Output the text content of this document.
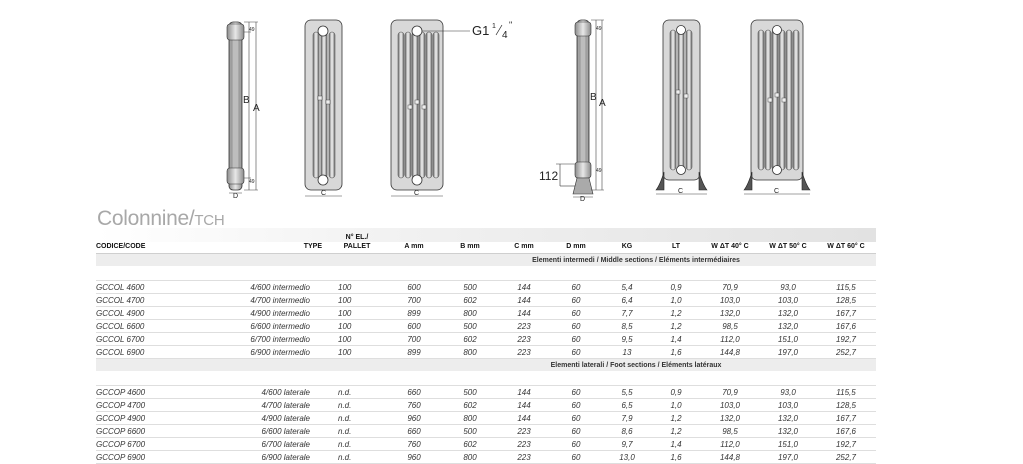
B
A
49
49
D	C	C
G1 1
4
"
B
A
49
49
D
112
C	C
Colonnine/TCH
CODICE/CODE	TYPE	N° EL./
PALLET	A mm	B mm	C mm	D mm	KG	LT	W ΔT 40° C	W ΔT 50° C	W ΔT 60° C
Elementi intermedi / Middle sections / Eléments intermédiaires											

GCCOL 4600	4/600 intermedio	100	600	500	144	60	5,4	0,9	70,9	93,0	115,5
GCCOL 4700	4/700 intermedio	100	700	602	144	60	6,4	1,0	103,0	103,0	128,5
GCCOL 4900	4/900 intermedio	100	899	800	144	60	7,7	1,2	132,0	132,0	167,7
GCCOL 6600	6/600 intermedio	100	600	500	223	60	8,5	1,2	98,5	132,0	167,6
GCCOL 6700	6/700 intermedio	100	700	602	223	60	9,5	1,4	112,0	151,0	192,7
GCCOL 6900	6/900 intermedio	100	899	800	223	60	13	1,6	144,8	197,0	252,7
Elementi laterali / Foot sections / Eléments latéraux											

GCCOP 4600	4/600 laterale	n.d.	660	500	144	60	5,5	0,9	70,9	93,0	115,5
GCCOP 4700	4/700 laterale	n.d.	760	602	144	60	6,5	1,0	103,0	103,0	128,5
GCCOP 4900	4/900 laterale	n.d.	960	800	144	60	7,9	1,2	132,0	132,0	167,7
GCCOP 6600	6/600 laterale	n.d.	660	500	223	60	8,6	1,2	98,5	132,0	167,6
GCCOP 6700	6/700 laterale	n.d.	760	602	223	60	9,7	1,4	112,0	151,0	192,7
GCCOP 6900	6/900 laterale	n.d.	960	800	223	60	13,0	1,6	144,8	197,0	252,7
